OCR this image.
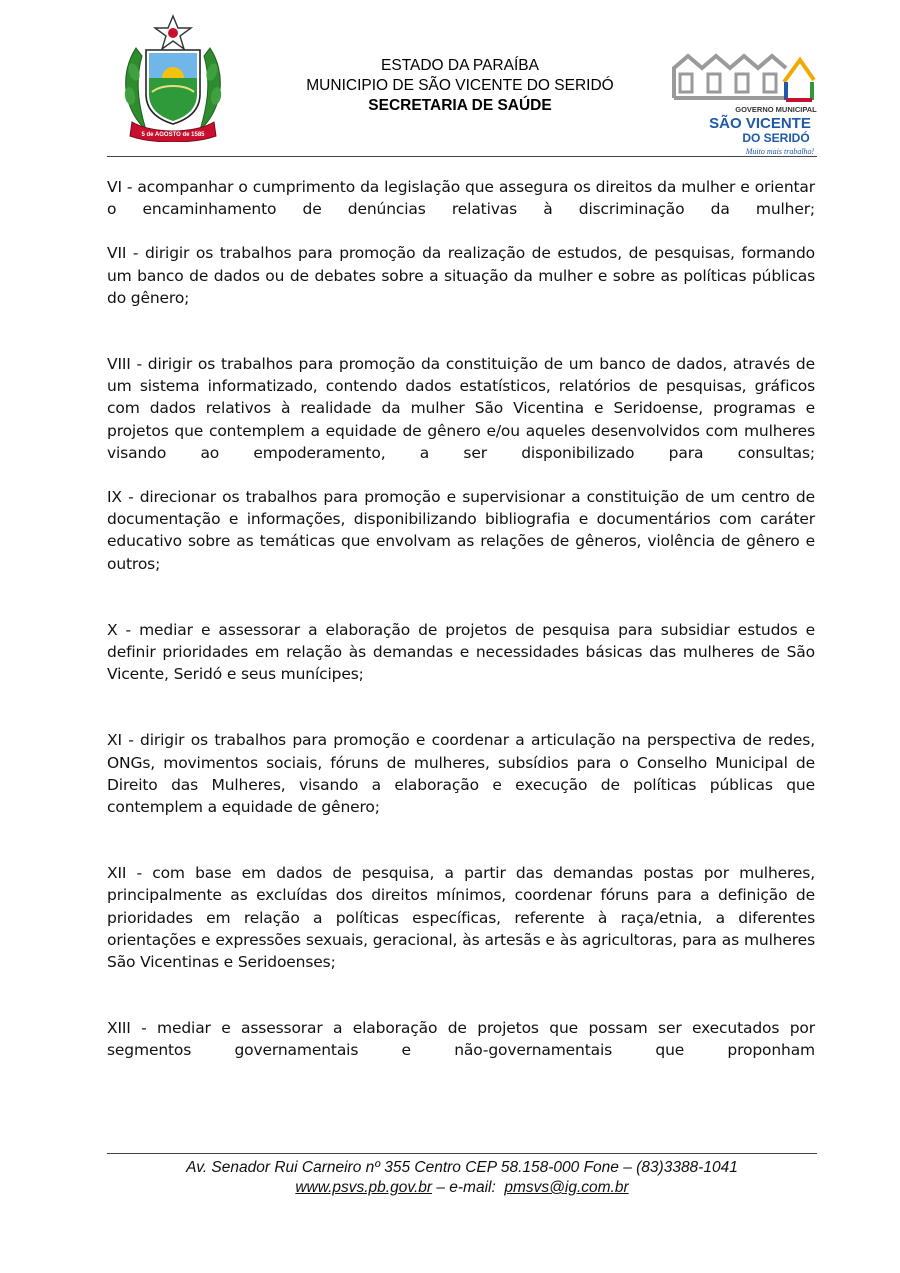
5 de AGOSTO de 1585
ESTADO DA PARAÍBA
MUNICIPIO DE SÃO VICENTE DO SERIDÓ
SECRETARIA DE SAÚDE	GOVERNO MUNICIPAL
SÃO VICENTE
DO SERIDÓ
Muito mais trabalho!

VI - acompanhar o cumprimento da legislação que assegura os direitos da mulher e orientar o encaminhamento de denúncias relativas à discriminação da mulher;

VII - dirigir os trabalhos para promoção da realização de estudos, de pesquisas, formando um banco de dados ou de debates sobre a situação da mulher e sobre as políticas públicas do gênero;

VIII - dirigir os trabalhos para promoção da constituição de um banco de dados, através de um sistema informatizado, contendo dados estatísticos, relatórios de pesquisas, gráficos com dados relativos à realidade da mulher São Vicentina e Seridoense, programas e projetos que contemplem a equidade de gênero e/ou aqueles desenvolvidos com mulheres visando ao empoderamento, a ser disponibilizado para consultas;

IX - direcionar os trabalhos para promoção e supervisionar a constituição de um centro de documentação e informações, disponibilizando bibliografia e documentários com caráter educativo sobre as temáticas que envolvam as relações de gêneros, violência de gênero e outros;

X - mediar e assessorar a elaboração de projetos de pesquisa para subsidiar estudos e definir prioridades em relação às demandas e necessidades básicas das mulheres de São Vicente, Seridó e seus munícipes;

XI - dirigir os trabalhos para promoção e coordenar a articulação na perspectiva de redes, ONGs, movimentos sociais, fóruns de mulheres, subsídios para o Conselho Municipal de Direito das Mulheres, visando a elaboração e execução de políticas públicas que contemplem a equidade de gênero;

XII - com base em dados de pesquisa, a partir das demandas postas por mulheres, principalmente as excluídas dos direitos mínimos, coordenar fóruns para a definição de prioridades em relação a políticas específicas, referente à raça/etnia, a diferentes orientações e expressões sexuais, geracional, às artesãs e às agricultoras, para as mulheres São Vicentinas e Seridoenses;

XIII - mediar e assessorar a elaboração de projetos que possam ser executados por segmentos governamentais e não-governamentais que proponham

Av. Senador Rui Carneiro nº 355 Centro CEP 58.158-000 Fone – (83)3388-1041
www.psvs.pb.gov.br – e-mail:  pmsvs@ig.com.br
